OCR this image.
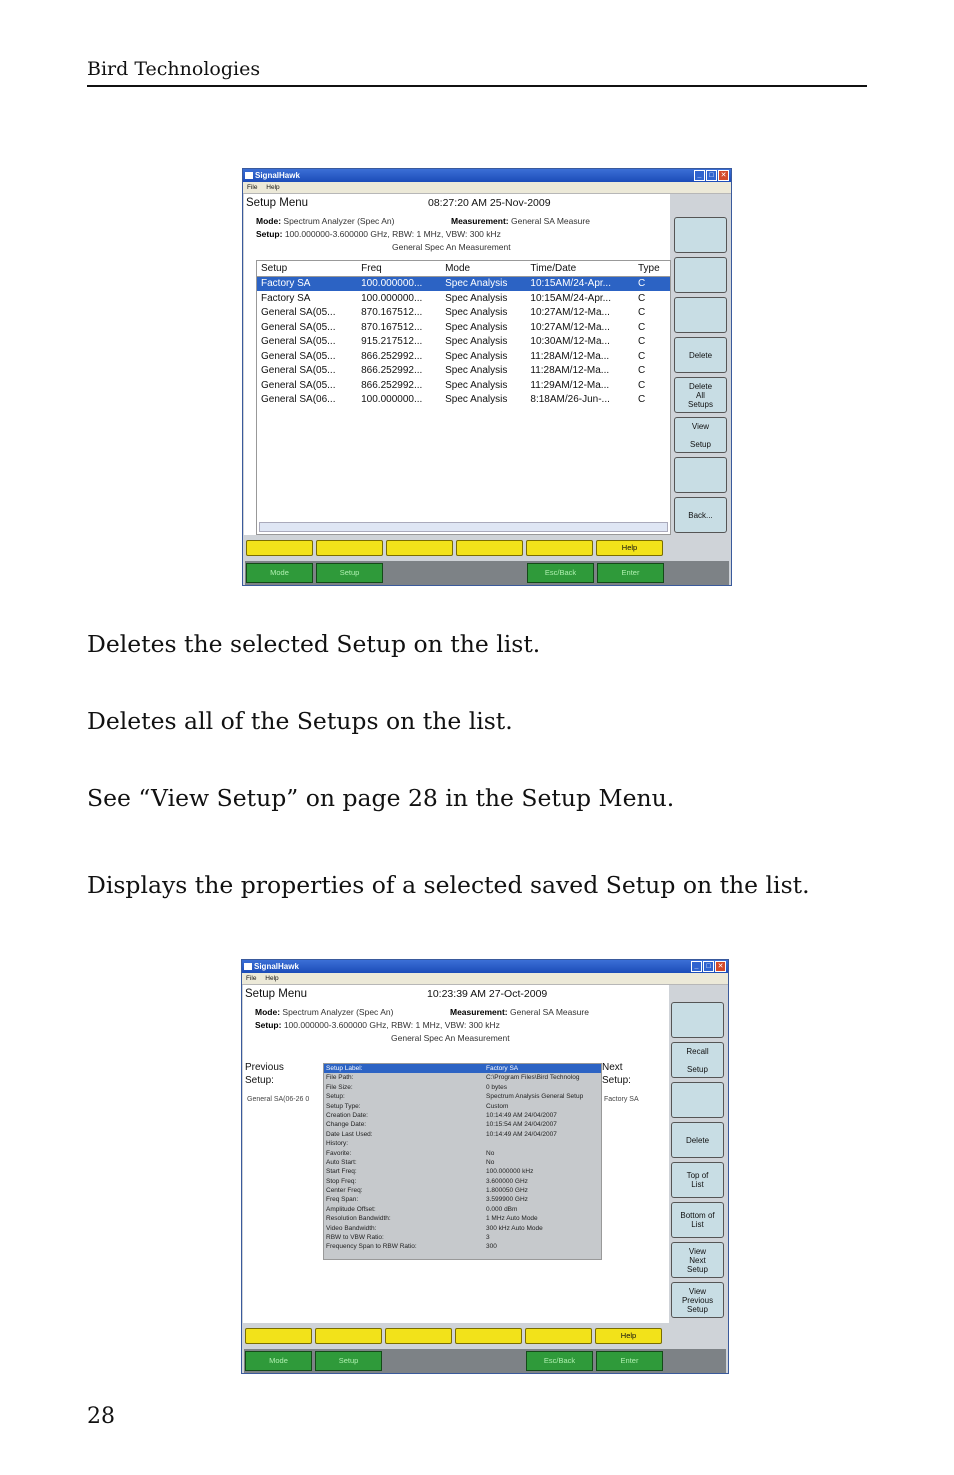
Bird Technologies
SignalHawk	_	□ ✕
File Help
Setup Menu	08:27:20 AM 25-Nov-2009
Mode: Spectrum Analyzer (Spec An)	Measurement: General SA Measure
Setup: 100.000000-3.600000 GHz, RBW: 1 MHz, VBW: 300 kHz
General Spec An Measurement
Setup	Freq	Mode	Time/Date	Type
Factory SA	100.000000...	Spec Analysis	10:15AM/24-Apr...	C
Factory SA	100.000000...	Spec Analysis	10:15AM/24-Apr...	C
General SA(05...	870.167512...	Spec Analysis	10:27AM/12-Ma...	C
General SA(05...	870.167512...	Spec Analysis	10:27AM/12-Ma...	C
General SA(05...	915.217512...	Spec Analysis	10:30AM/12-Ma...	C
General SA(05...	866.252992...	Spec Analysis	11:28AM/12-Ma...	C
General SA(05...	866.252992...	Spec Analysis	11:28AM/12-Ma...	C
General SA(05...	866.252992...	Spec Analysis	11:29AM/12-Ma...	C
General SA(06...	100.000000...	Spec Analysis	8:18AM/26-Jun-...	C
Delete
Delete
All
Setups
View

Setup
Back...
Help
Mode	Setup	Esc/Back	Enter
Deletes the selected Setup on the list.
Deletes all of the Setups on the list.
See “View Setup” on page 28 in the Setup Menu.
Displays the properties of a selected saved Setup on the list.
SignalHawk	_	□ ✕
File Help
Setup Menu	10:23:39 AM 27-Oct-2009
Mode: Spectrum Analyzer (Spec An)	Measurement: General SA Measure
Setup: 100.000000-3.600000 GHz, RBW: 1 MHz, VBW: 300 kHz
General Spec An Measurement
Previous
Setup:
General SA(06-26 0
Next
Setup:
Factory SA
Setup Label:	Factory SA
File Path:	C:\Program Files\Bird Technolog
File Size:	0 bytes
Setup:	Spectrum Analysis General Setup
Setup Type:	Custom
Creation Date:	10:14:49 AM 24/04/2007
Change Date:	10:15:54 AM 24/04/2007
Date Last Used:	10:14:49 AM 24/04/2007
History:
Favorite:	No
Auto Start:	No
Start Freq:	100.000000 kHz
Stop Freq:	3.600000 GHz
Center Freq:	1.800050 GHz
Freq Span:	3.599900 GHz
Amplitude Offset:	0.000 dBm
Resolution Bandwidth:	1 MHz Auto Mode
Video Bandwidth:	300 kHz Auto Mode
RBW to VBW Ratio:	3
Frequency Span to RBW Ratio:	300
Recall

Setup
Delete
Top of
List
Bottom of
List
View
Next
Setup
View
Previous
Setup
Help
Mode	Setup	Esc/Back	Enter
28
